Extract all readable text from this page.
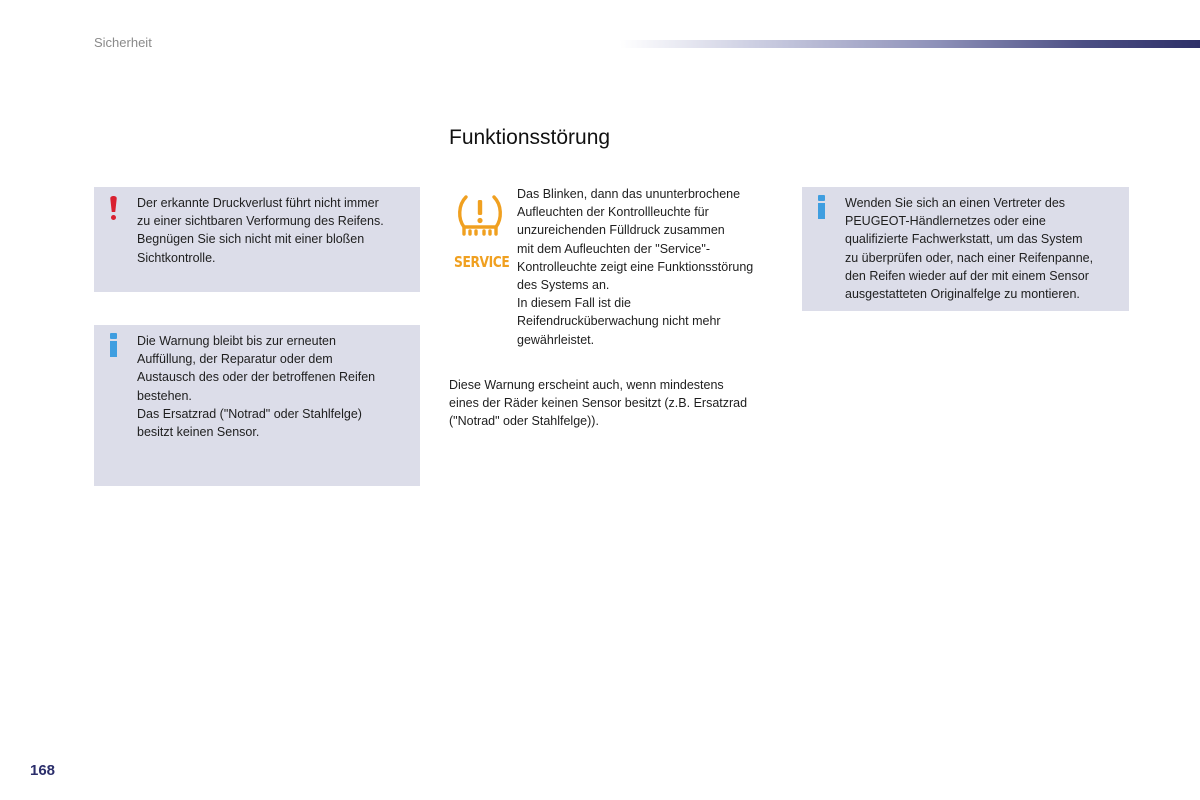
Sicherheit
Der erkannte Druckverlust führt nicht immer
zu einer sichtbaren Verformung des Reifens.
Begnügen Sie sich nicht mit einer bloßen
Sichtkontrolle.
Die Warnung bleibt bis zur erneuten
Auffüllung, der Reparatur oder dem
Austausch des oder der betroffenen Reifen
bestehen.
Das Ersatzrad ("Notrad" oder Stahlfelge)
besitzt keinen Sensor.
Funktionsstörung
SERVICE

Das Blinken, dann das ununterbrochene
Aufleuchten der Kontrollleuchte für
unzureichenden Fülldruck zusammen
mit dem Aufleuchten der "Service"-
Kontrolleuchte zeigt eine Funktionsstörung
des Systems an.
In diesem Fall ist die
Reifendrucküberwachung nicht mehr
gewährleistet.

Diese Warnung erscheint auch, wenn mindestens
eines der Räder keinen Sensor besitzt (z.B. Ersatzrad
("Notrad" oder Stahlfelge)).

Wenden Sie sich an einen Vertreter des
PEUGEOT-Händlernetzes oder eine
qualifizierte Fachwerkstatt, um das System
zu überprüfen oder, nach einer Reifenpanne,
den Reifen wieder auf der mit einem Sensor
ausgestatteten Originalfelge zu montieren.
168
